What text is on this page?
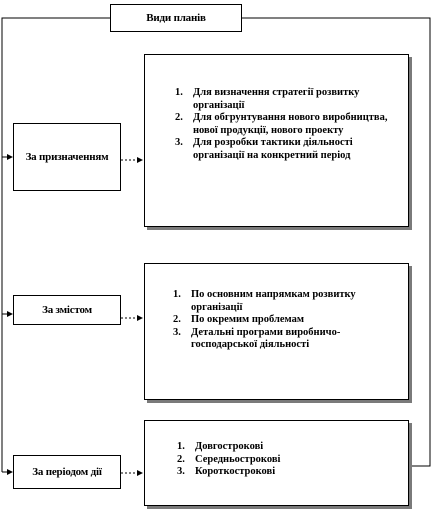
Види планів
За призначенням
1. Для визначення стратегії розвитку організації
2. Для обгрунтування нового виробництва, нової продукції, нового проекту
3. Для розробки тактики діяльності організації на конкретний період
За змістом
1. По основним напрямкам розвитку організації
2. По окремим проблемам
3. Детальні програми виробничо-господарської діяльності
За періодом дії
1. Довгострокові
2. Середньострокові
3. Короткострокові
